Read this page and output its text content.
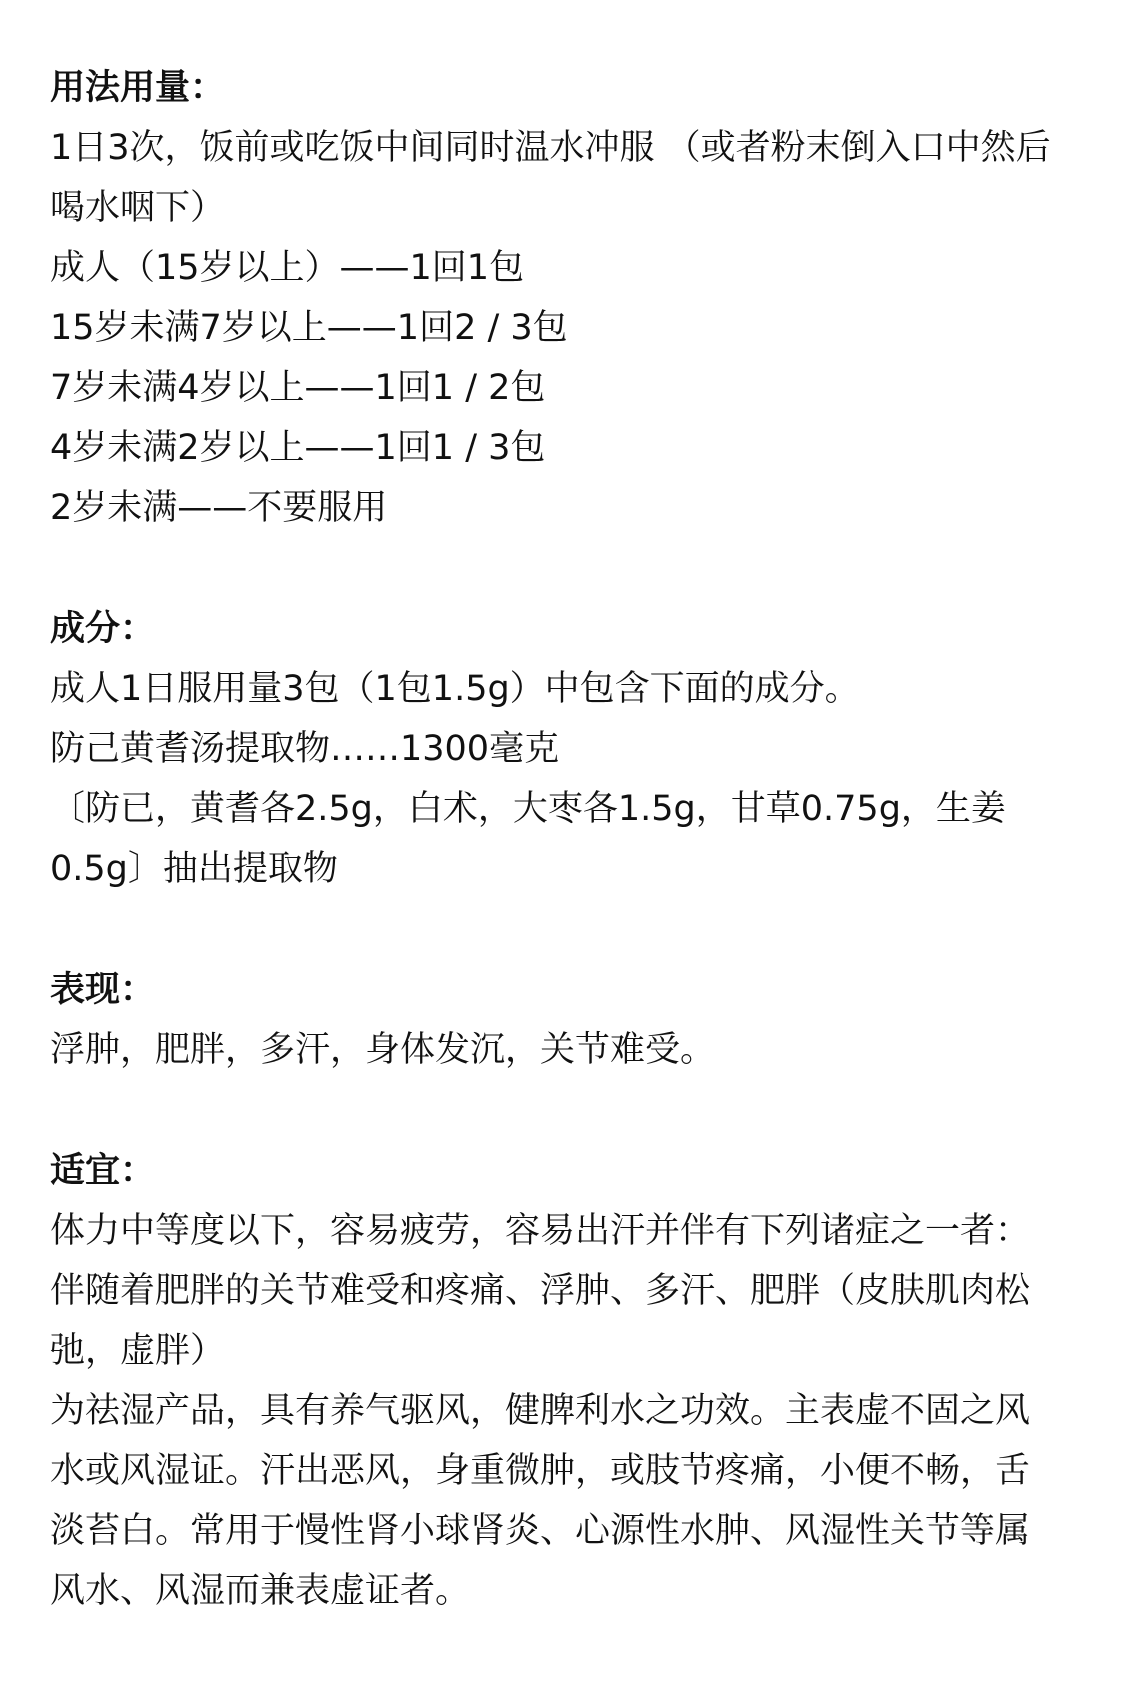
用法用量：

1日3次，饭前或吃饭中间同时温水冲服 （或者粉末倒入口中然后

喝水咽下）

成人（15岁以上）——1回1包

15岁未满7岁以上——1回2 / 3包

7岁未满4岁以上——1回1 / 2包

4岁未满2岁以上——1回1 / 3包

2岁未满——不要服用

成分：

成人1日服用量3包（1包1.5g）中包含下面的成分。

防己黄耆汤提取物……1300毫克

〔防已，黄耆各2.5g，白术，大枣各1.5g，甘草0.75g，生姜

0.5g〕抽出提取物

表现：

浮肿，肥胖，多汗，身体发沉，关节难受。

适宜：

体力中等度以下，容易疲劳，容易出汗并伴有下列诸症之一者：

伴随着肥胖的关节难受和疼痛、浮肿、多汗、肥胖（皮肤肌肉松

弛，虚胖）

为祛湿产品，具有养气驱风，健脾利水之功效。主表虚不固之风

水或风湿证。汗出恶风，身重微肿，或肢节疼痛，小便不畅，舌

淡苔白。常用于慢性肾小球肾炎、心源性水肿、风湿性关节等属

风水、风湿而兼表虚证者。
